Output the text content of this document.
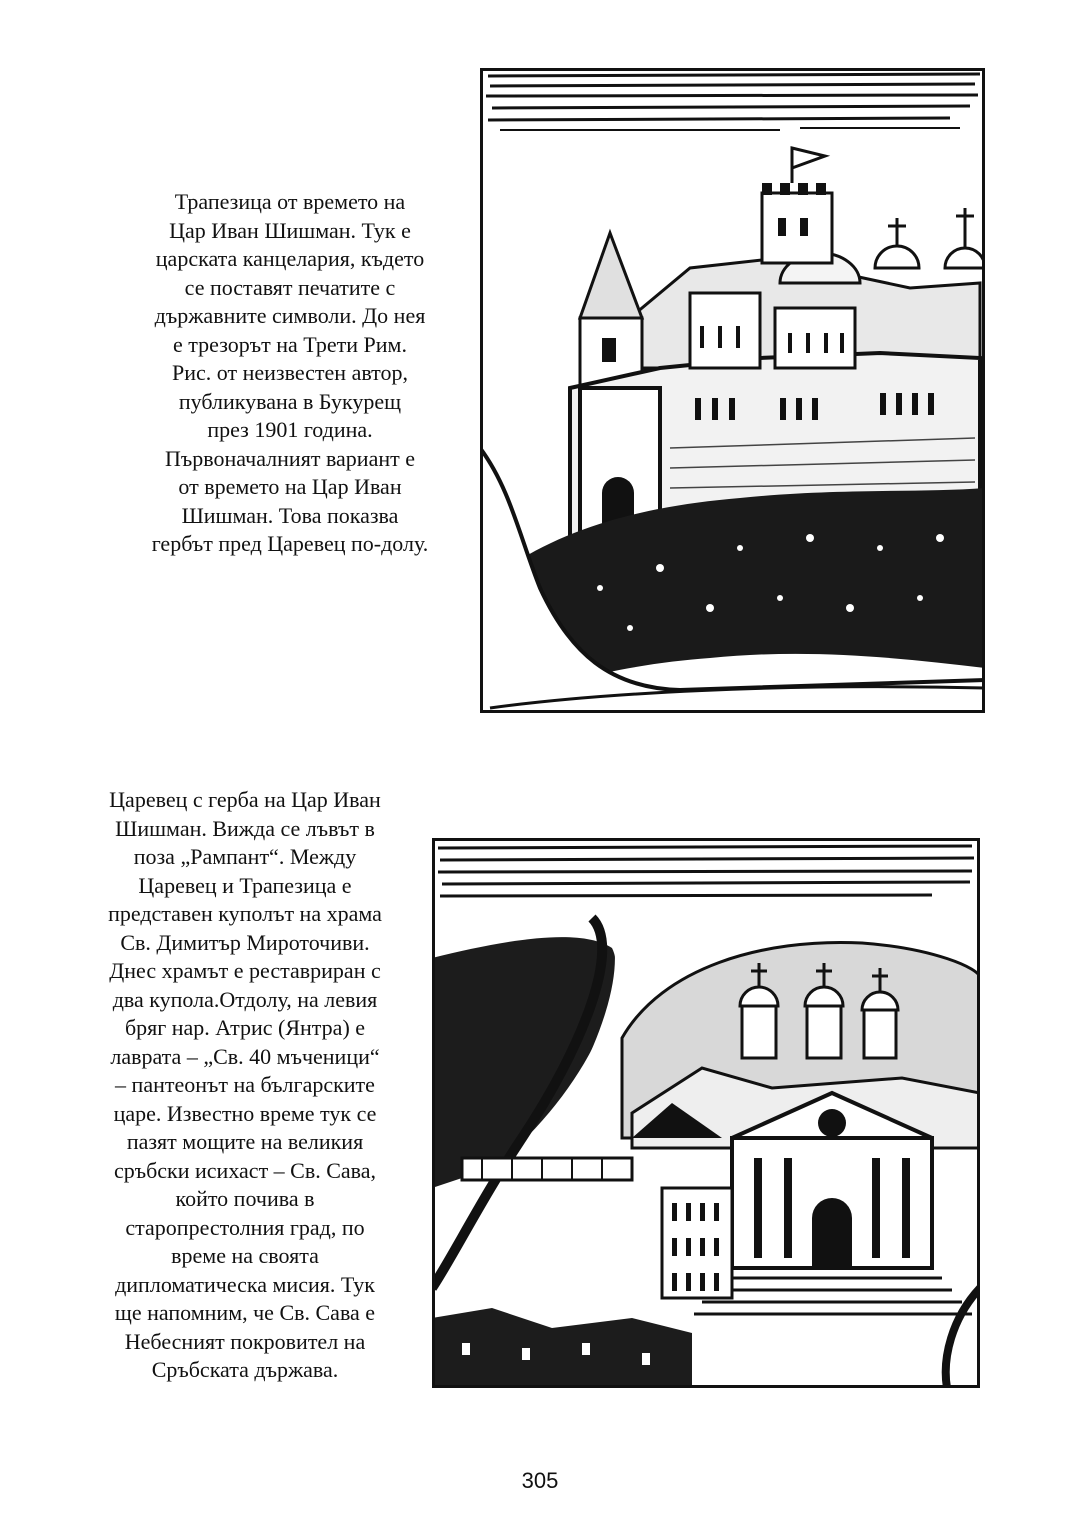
Трапезица от времето на
Цар Иван Шишман. Тук е
царската канцелария, където
се поставят печатите с
държавните символи. До нея
е трезорът на Трети Рим.
Рис. от неизвестен автор,
публикувана в Букурещ
през 1901 година.
Първоначалният вариант е
от времето на Цар Иван
Шишман. Това показва
гербът пред Царевец по-долу.
Царевец с герба на Цар Иван
Шишман. Вижда се лъвът в
поза „Рампант“. Между
Царевец и Трапезица е
представен куполът на храма
Св. Димитър Мироточиви.
Днес храмът е реставриран с
два купола.Отдолу, на левия
бряг нар. Атрис (Янтра) е
лаврата – „Св. 40 мъченици“
– пантеонът на българските
царе. Известно време тук се
пазят мощите на великия
сръбски исихаст – Св. Сава,
който почива в
старопрестолния град, по
време на своята
дипломатическа мисия. Тук
ще напомним, че Св. Сава е
Небесният покровител на
Сръбската държава.
305
